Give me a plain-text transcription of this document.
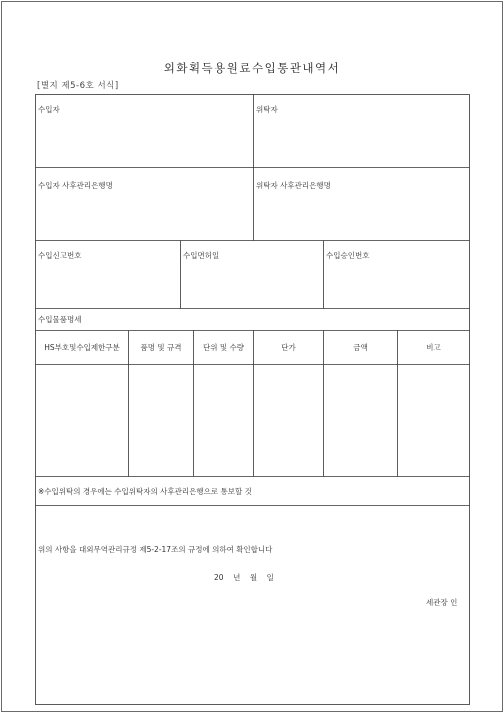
외화획득용원료수입통관내역서
[별지 제5-6호 서식]
수입자	위탁자
수입자 사후관리은행명	위탁자 사후관리은행명
수입신고번호	수입면허일	수입승인번호
수입물품명세
HS부호및수입제한구분	품명 및 규격	단위 및 수량	단가	금액	비고
※수입위탁의 경우에는 수입위탁자의 사후관리은행으로 통보할 것
위의 사항을 대외무역관리규정 제5-2-17조의 규정에 의하여 확인합니다
20    년    월    일
세관장 인
